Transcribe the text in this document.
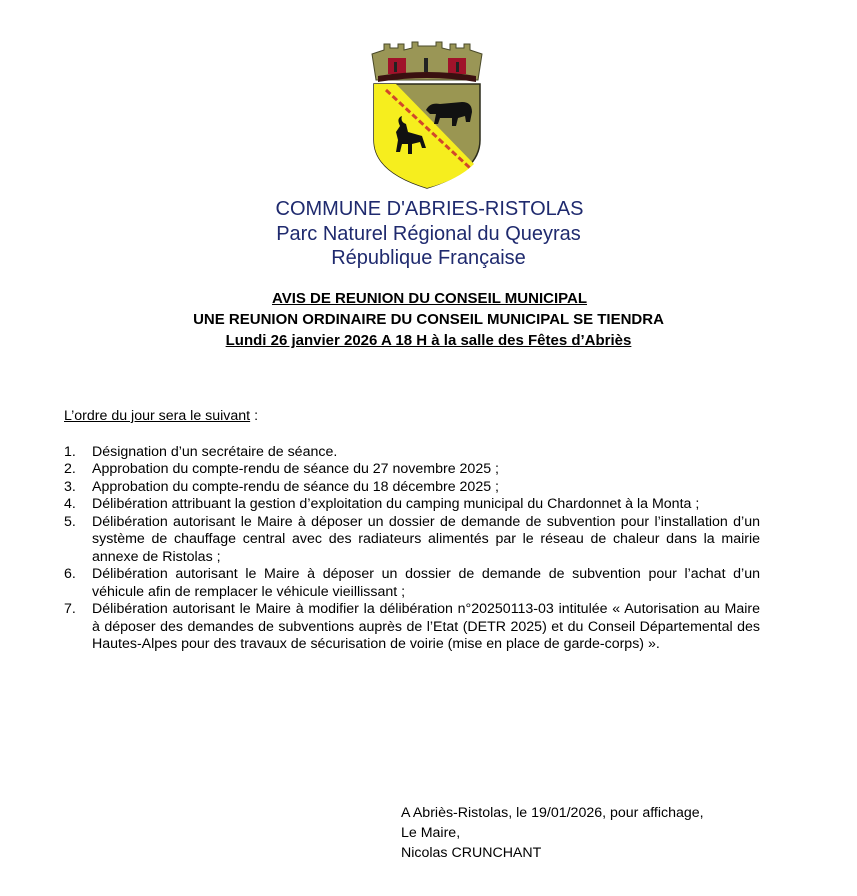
COMMUNE D'ABRIES-RISTOLAS
Parc Naturel Régional du Queyras
République Française
AVIS DE REUNION DU CONSEIL MUNICIPAL
UNE REUNION ORDINAIRE DU CONSEIL MUNICIPAL SE TIENDRA
Lundi 26 janvier 2026 A 18 H à la salle des Fêtes d’Abriès
L’ordre du jour sera le suivant :
1. Désignation d’un secrétaire de séance.
2. Approbation du compte-rendu de séance du 27 novembre 2025 ;
3. Approbation du compte-rendu de séance du 18 décembre 2025 ;
4. Délibération attribuant la gestion d’exploitation du camping municipal du Chardonnet à la Monta ;
5. Délibération autorisant le Maire à déposer un dossier de demande de subvention pour l’installation d’un système de chauffage central avec des radiateurs alimentés par le réseau de chaleur dans la mairie annexe de Ristolas ;
6. Délibération autorisant le Maire à déposer un dossier de demande de subvention pour l’achat d’un véhicule afin de remplacer le véhicule vieillissant ;
7. Délibération autorisant le Maire à modifier la délibération n°20250113-03 intitulée « Autorisation au Maire à déposer des demandes de subventions auprès de l’Etat (DETR 2025) et du Conseil Départemental des Hautes-Alpes pour des travaux de sécurisation de voirie (mise en place de garde-corps) ».
A Abriès-Ristolas, le 19/01/2026, pour affichage,
Le Maire,
Nicolas CRUNCHANT
